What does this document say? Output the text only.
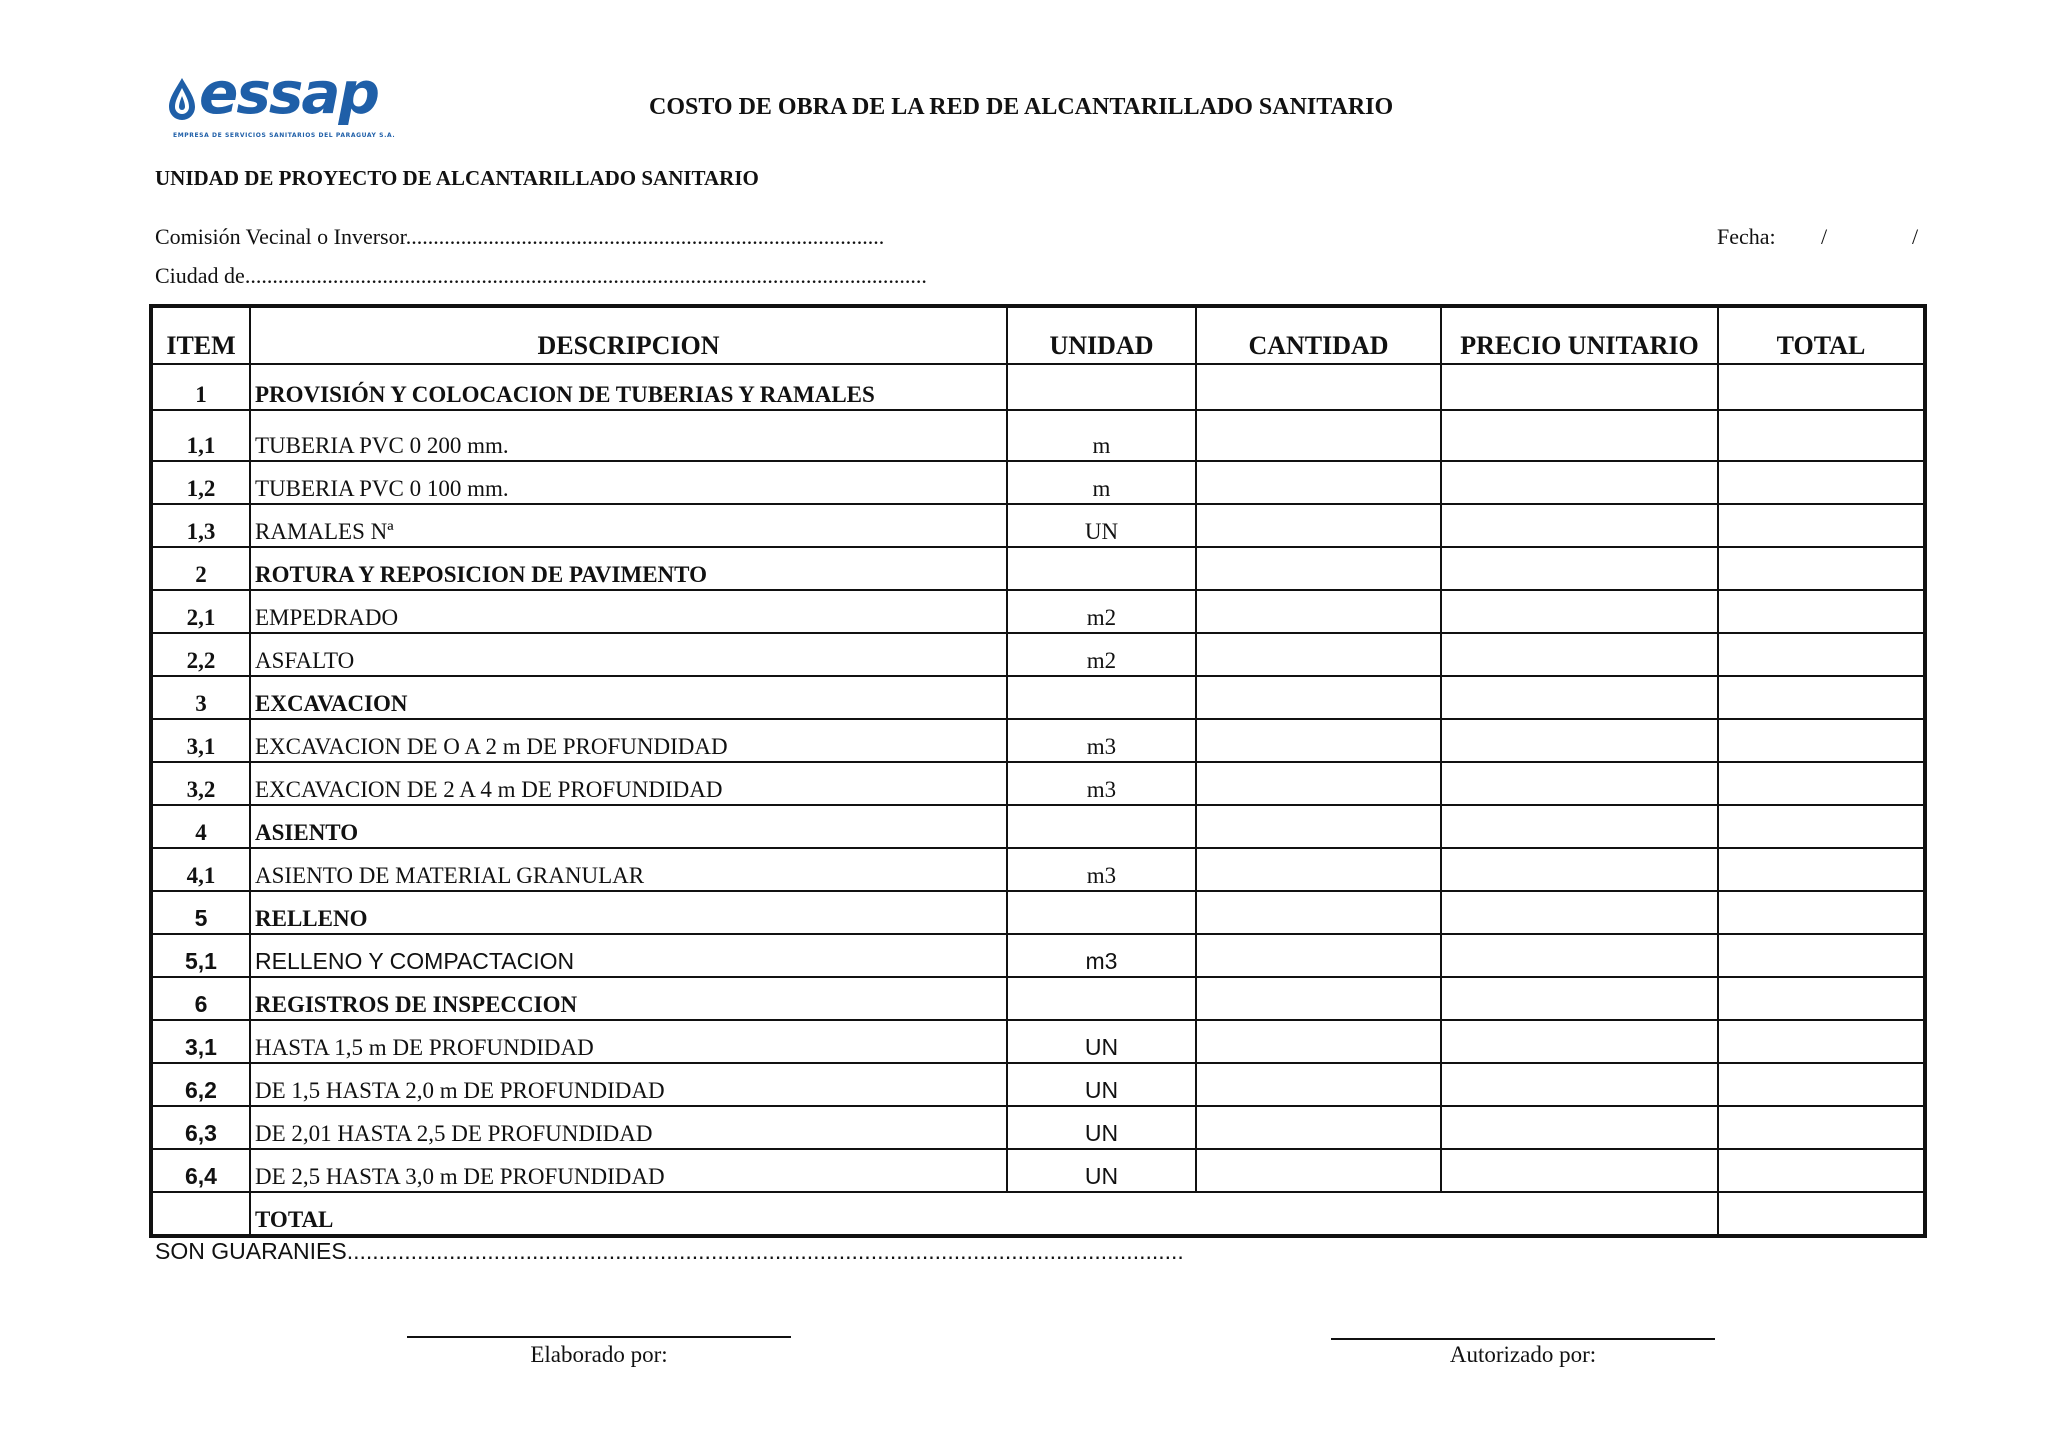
essap
EMPRESA DE SERVICIOS SANITARIOS DEL PARAGUAY S.A.
COSTO DE OBRA DE LA RED DE ALCANTARILLADO SANITARIO
UNIDAD DE PROYECTO DE ALCANTARILLADO SANITARIO
Comisión Vecinal o Inversor.......................................................................................	Fecha: /	/
Ciudad de............................................................................................................................
ITEM	DESCRIPCION	UNIDAD	CANTIDAD	PRECIO UNITARIO	TOTAL
1	PROVISIÓN Y COLOCACION DE TUBERIAS Y RAMALES				
1,1	TUBERIA PVC 0 200 mm.	m			
1,2	TUBERIA PVC 0 100 mm.	m			
1,3	RAMALES Nª	UN			
2	ROTURA Y REPOSICION DE PAVIMENTO				
2,1	EMPEDRADO	m2			
2,2	ASFALTO	m2			
3	EXCAVACION				
3,1	EXCAVACION DE O A 2 m DE PROFUNDIDAD	m3			
3,2	EXCAVACION DE 2 A 4 m DE PROFUNDIDAD	m3			
4	ASIENTO				
4,1	ASIENTO DE MATERIAL GRANULAR	m3			
5	RELLENO				
5,1	RELLENO Y COMPACTACION	m3			
6	REGISTROS DE INSPECCION				
3,1	HASTA 1,5 m DE PROFUNDIDAD	UN			
6,2	DE 1,5 HASTA 2,0 m DE PROFUNDIDAD	UN			
6,3	DE 2,01 HASTA 2,5 DE PROFUNDIDAD	UN			
6,4	DE 2,5 HASTA 3,0 m DE PROFUNDIDAD	UN			
	TOTAL				
SON GUARANIES...................................................................................................................................
Elaborado por:	Autorizado por:
